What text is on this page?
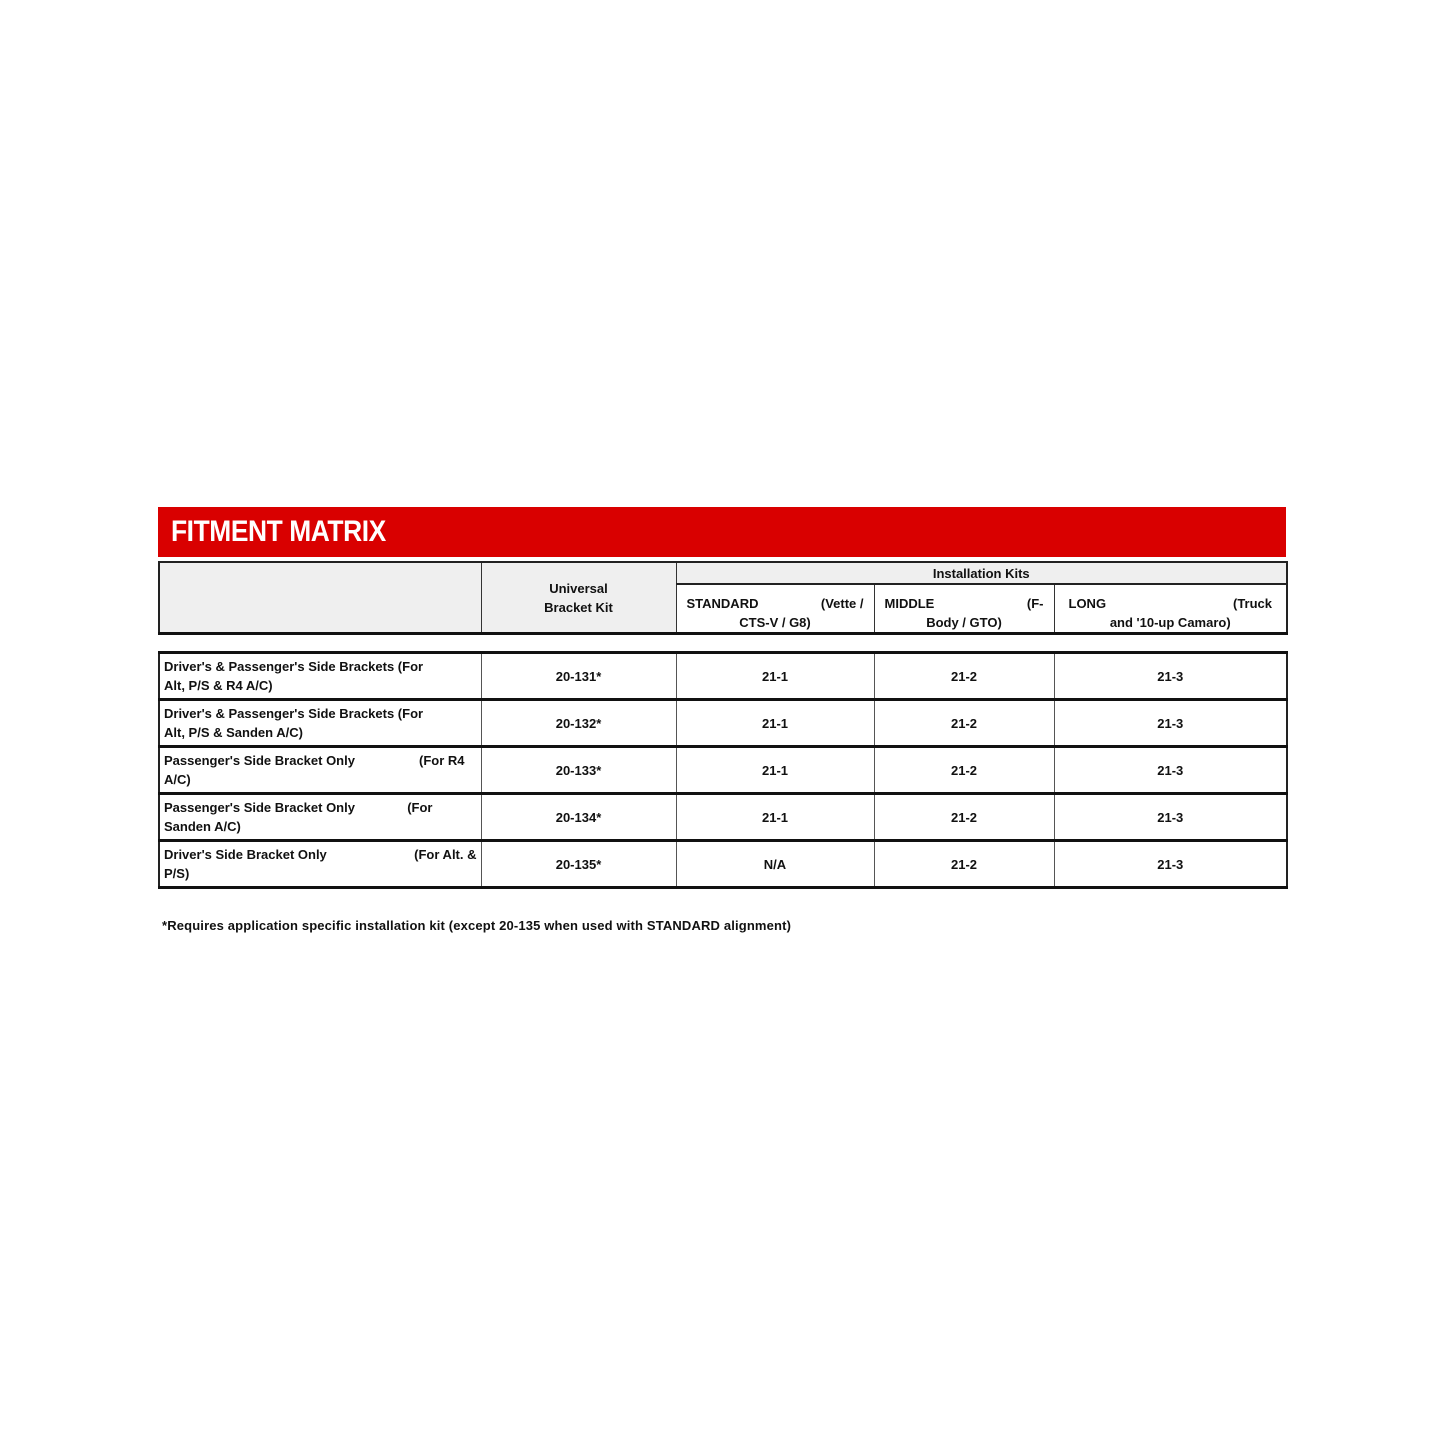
FITMENT MATRIX

	Universal
Bracket Kit	Installation Kits		

		STANDARD (Vette /
CTS-V / G8)	MIDDLE (F-
Body / GTO)	LONG (Truck
and '10-up Camaro)
Driver's & Passenger's Side Brackets (For
Alt, P/S & R4 A/C)	20-131*	21-1	21-2	21-3

Driver's & Passenger's Side Brackets (For
Alt, P/S & Sanden A/C)	20-132*	21-1	21-2	21-3

Passenger's Side Bracket Only (For R4
A/C)	20-133*	21-1	21-2	21-3

Passenger's Side Bracket Only (For
Sanden A/C)	20-134*	21-1	21-2	21-3

Driver's Side Bracket Only (For Alt. &
P/S)	20-135*	N/A	21-2	21-3
*Requires application specific installation kit (except 20-135 when used with STANDARD alignment)
